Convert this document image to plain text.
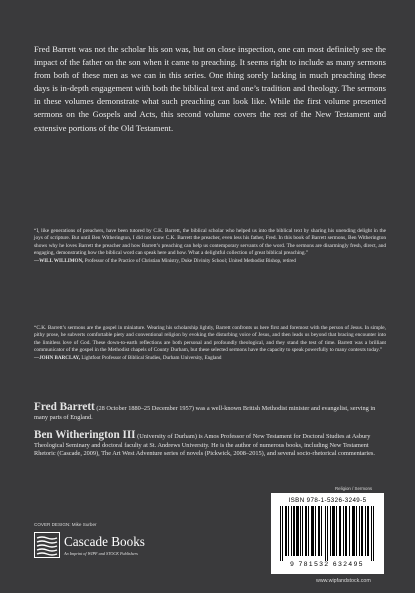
Fred Barrett was not the scholar his son was, but on close inspection, one can most definitely see the impact of the father on the son when it came to preaching. It seems right to include as many sermons from both of these men as we can in this series. One thing sorely lacking in much preaching these days is in-depth engagement with both the biblical text and one’s tradition and theology. The sermons in these volumes demonstrate what such preaching can look like. While the first volume presented sermons on the Gospels and Acts, this second volume covers the rest of the New Testament and extensive portions of the Old Testament.

“I, like generations of preachers, have been tutored by C.K. Barrett, the biblical scholar who helped us into the biblical text by sharing his unending delight in the joys of scripture. But until Ben Witherington, I did not know C.K. Barrett the preacher, even less his father, Fred. In this book of Barrett sermons, Ben Witherington shows why he loves Barrett the preacher and how Barrett’s preaching can help us contemporary servants of the word. The sermons are disarmingly fresh, direct, and engaging, demonstrating how the biblical word can speak here and how. What a delightful collection of great biblical preaching.”
—WILL WILLIMON, Professor of the Practice of Christian Ministry, Duke Divinity School; United Methodist Bishop, retired

“C.K. Barrett’s sermons are the gospel in miniature. Wearing his scholarship lightly, Barrett confronts us here first and foremost with the person of Jesus. In simple, pithy prose, he subverts comfortable piety and conventional religion by evoking the disturbing voice of Jesus, and then leads us beyond that bracing encounter into the limitless love of God. These down-to-earth reflections are both personal and profoundly theological, and they stand the test of time. Barrett was a brilliant communicator of the gospel in the Methodist chapels of County Durham, but these selected sermons have the capacity to speak powerfully to many contexts today.”
—JOHN BARCLAY, Lightfoot Professor of Biblical Studies, Durham University, England

Fred Barrett (28 October 1880–25 December 1957) was a well-known British Methodist minister and evangelist, serving in many parts of England.

Ben Witherington III (University of Durham) is Amos Professor of New Testament for Doctoral Studies at Asbury Theological Seminary and doctoral faculty at St. Andrews University. He is the author of numerous books, including New Testament Rhetoric (Cascade, 2009), The Art West Adventure series of novels (Pickwick, 2008–2015), and several socio-rhetorical commentaries.

Religion / Sermons
ISBN 978-1-5326-3249-5
9 781532 632495
www.wipfandstock.com
COVER DESIGN: Mike Surber
Cascade Books
An Imprint of WIPF and STOCK Publishers
